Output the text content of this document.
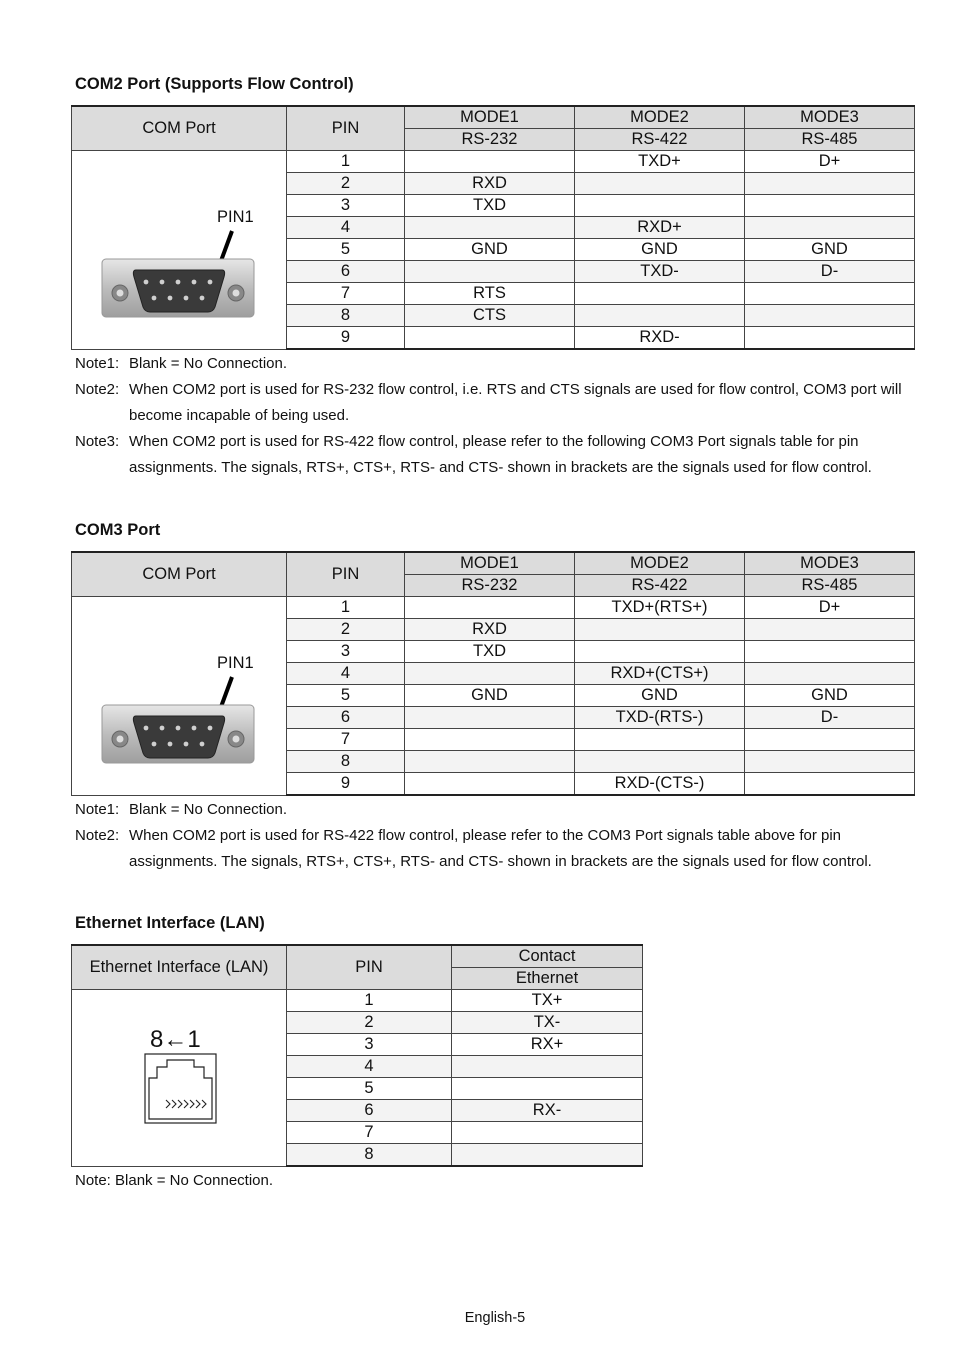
COM2 Port (Supports Flow Control)
COM Port	PIN	MODE1	MODE2	MODE3
		RS-232	RS-422	RS-485

PIN1	1		TXD+	D+
	2	RXD		
	3	TXD		
	4		RXD+	
	5	GND	GND	GND
	6		TXD-	D-
	7	RTS		
	8	CTS		
	9		RXD-	
Note1: Blank = No Connection.
Note2: When COM2 port is used for RS-232 flow control, i.e. RTS and CTS signals are used for flow control, COM3 port will become incapable of being used.
Note3: When COM2 port is used for RS-422 flow control, please refer to the following COM3 Port signals table for pin assignments. The signals, RTS+, CTS+, RTS- and CTS- shown in brackets are the signals used for flow control.
COM3 Port
COM Port	PIN	MODE1	MODE2	MODE3
		RS-232	RS-422	RS-485

PIN1	1		TXD+(RTS+)	D+
	2	RXD		
	3	TXD		
	4		RXD+(CTS+)	
	5	GND	GND	GND
	6		TXD-(RTS-)	D-
	7			
	8			
	9		RXD-(CTS-)	
Note1: Blank = No Connection.
Note2: When COM2 port is used for RS-422 flow control, please refer to the COM3 Port signals table above for pin assignments. The signals, RTS+, CTS+, RTS- and CTS- shown in brackets are the signals used for flow control.
Ethernet Interface (LAN)
Ethernet Interface (LAN)	PIN	Contact
		Ethernet

8←1	1	TX+
	2	TX-
	3	RX+
	4	
	5	
	6	RX-
	7	
	8	
Note: Blank = No Connection.
English-5
